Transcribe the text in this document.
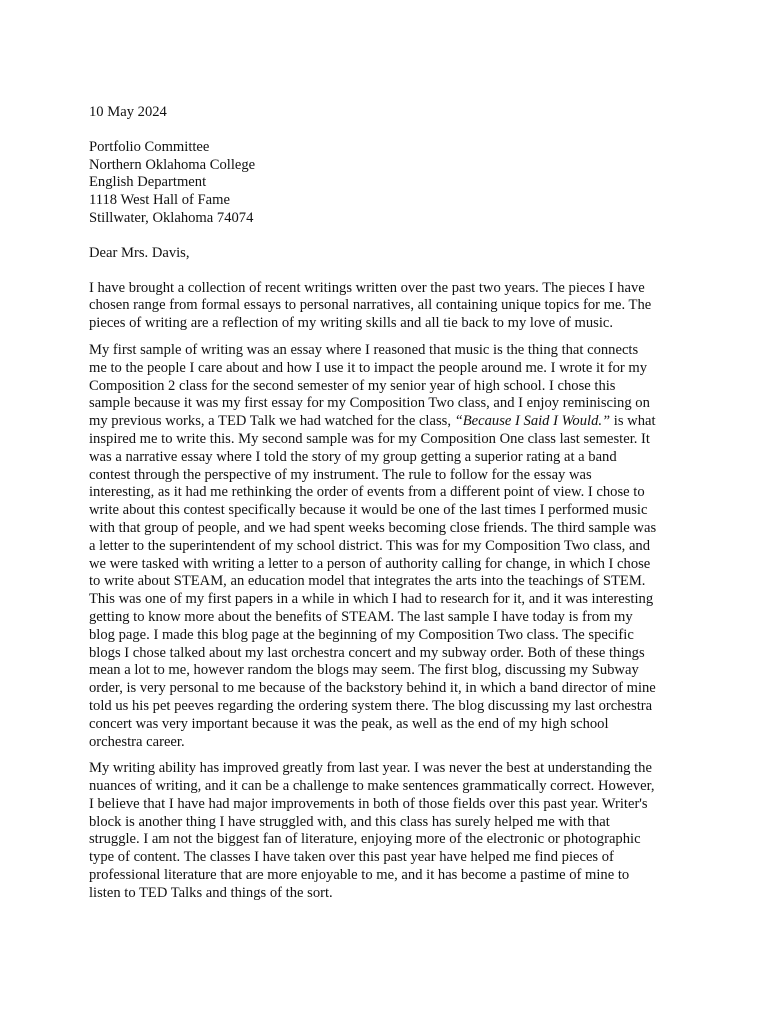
10 May 2024
Portfolio Committee
Northern Oklahoma College
English Department
1118 West Hall of Fame
Stillwater, Oklahoma 74074
Dear Mrs. Davis,
I have brought a collection of recent writings written over the past two years. The pieces I have
chosen range from formal essays to personal narratives, all containing unique topics for me. The
pieces of writing are a reflection of my writing skills and all tie back to my love of music.
My first sample of writing was an essay where I reasoned that music is the thing that connects
me to the people I care about and how I use it to impact the people around me. I wrote it for my
Composition 2 class for the second semester of my senior year of high school. I chose this
sample because it was my first essay for my Composition Two class, and I enjoy reminiscing on
my previous works, a TED Talk we had watched for the class, “Because I Said I Would.” is what
inspired me to write this. My second sample was for my Composition One class last semester. It
was a narrative essay where I told the story of my group getting a superior rating at a band
contest through the perspective of my instrument. The rule to follow for the essay was
interesting, as it had me rethinking the order of events from a different point of view. I chose to
write about this contest specifically because it would be one of the last times I performed music
with that group of people, and we had spent weeks becoming close friends. The third sample was
a letter to the superintendent of my school district. This was for my Composition Two class, and
we were tasked with writing a letter to a person of authority calling for change, in which I chose
to write about STEAM, an education model that integrates the arts into the teachings of STEM.
This was one of my first papers in a while in which I had to research for it, and it was interesting
getting to know more about the benefits of STEAM. The last sample I have today is from my
blog page. I made this blog page at the beginning of my Composition Two class. The specific
blogs I chose talked about my last orchestra concert and my subway order. Both of these things
mean a lot to me, however random the blogs may seem. The first blog, discussing my Subway
order, is very personal to me because of the backstory behind it, in which a band director of mine
told us his pet peeves regarding the ordering system there. The blog discussing my last orchestra
concert was very important because it was the peak, as well as the end of my high school
orchestra career.
My writing ability has improved greatly from last year. I was never the best at understanding the
nuances of writing, and it can be a challenge to make sentences grammatically correct. However,
I believe that I have had major improvements in both of those fields over this past year. Writer's
block is another thing I have struggled with, and this class has surely helped me with that
struggle. I am not the biggest fan of literature, enjoying more of the electronic or photographic
type of content. The classes I have taken over this past year have helped me find pieces of
professional literature that are more enjoyable to me, and it has become a pastime of mine to
listen to TED Talks and things of the sort.
